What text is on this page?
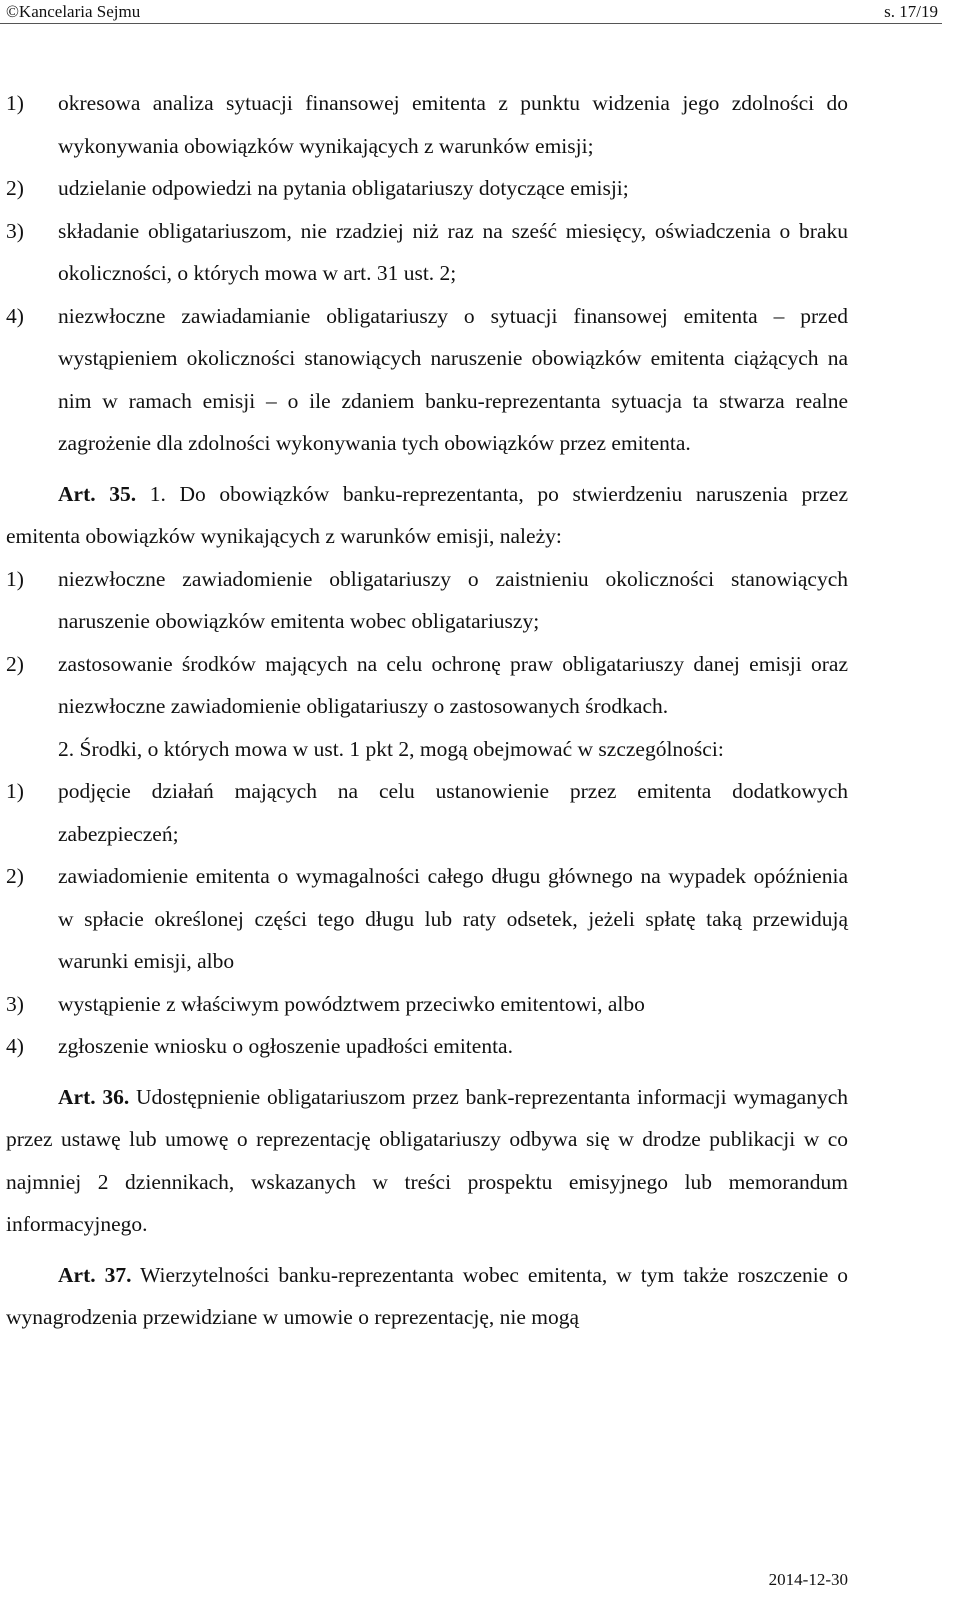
©Kancelaria Sejmu	s. 17/19
1)	okresowa analiza sytuacji finansowej emitenta z punktu widzenia jego zdolności do wykonywania obowiązków wynikających z warunków emisji;
2)	udzielanie odpowiedzi na pytania obligatariuszy dotyczące emisji;
3)	składanie obligatariuszom, nie rzadziej niż raz na sześć miesięcy, oświadczenia o braku okoliczności, o których mowa w art. 31 ust. 2;
4)	niezwłoczne zawiadamianie obligatariuszy o sytuacji finansowej emitenta – przed wystąpieniem okoliczności stanowiących naruszenie obowiązków emitenta ciążących na nim w ramach emisji – o ile zdaniem banku-reprezentanta sytuacja ta stwarza realne zagrożenie dla zdolności wykonywania tych obowiązków przez emitenta.
Art. 35. 1. Do obowiązków banku-reprezentanta, po stwierdzeniu naruszenia przez emitenta obowiązków wynikających z warunków emisji, należy:
1)	niezwłoczne zawiadomienie obligatariuszy o zaistnieniu okoliczności stanowiących naruszenie obowiązków emitenta wobec obligatariuszy;
2)	zastosowanie środków mających na celu ochronę praw obligatariuszy danej emisji oraz niezwłoczne zawiadomienie obligatariuszy o zastosowanych środkach.
2. Środki, o których mowa w ust. 1 pkt 2, mogą obejmować w szczególności:
1)	podjęcie działań mających na celu ustanowienie przez emitenta dodatkowych zabezpieczeń;
2)	zawiadomienie emitenta o wymagalności całego długu głównego na wypadek opóźnienia w spłacie określonej części tego długu lub raty odsetek, jeżeli spłatę taką przewidują warunki emisji, albo
3)	wystąpienie z właściwym powództwem przeciwko emitentowi, albo
4)	zgłoszenie wniosku o ogłoszenie upadłości emitenta.
Art. 36. Udostępnienie obligatariuszom przez bank-reprezentanta informacji wymaganych przez ustawę lub umowę o reprezentację obligatariuszy odbywa się w drodze publikacji w co najmniej 2 dziennikach, wskazanych w treści prospektu emisyjnego lub memorandum informacyjnego.
Art. 37. Wierzytelności banku-reprezentanta wobec emitenta, w tym także roszczenie o wynagrodzenia przewidziane w umowie o reprezentację, nie mogą
2014-12-30
